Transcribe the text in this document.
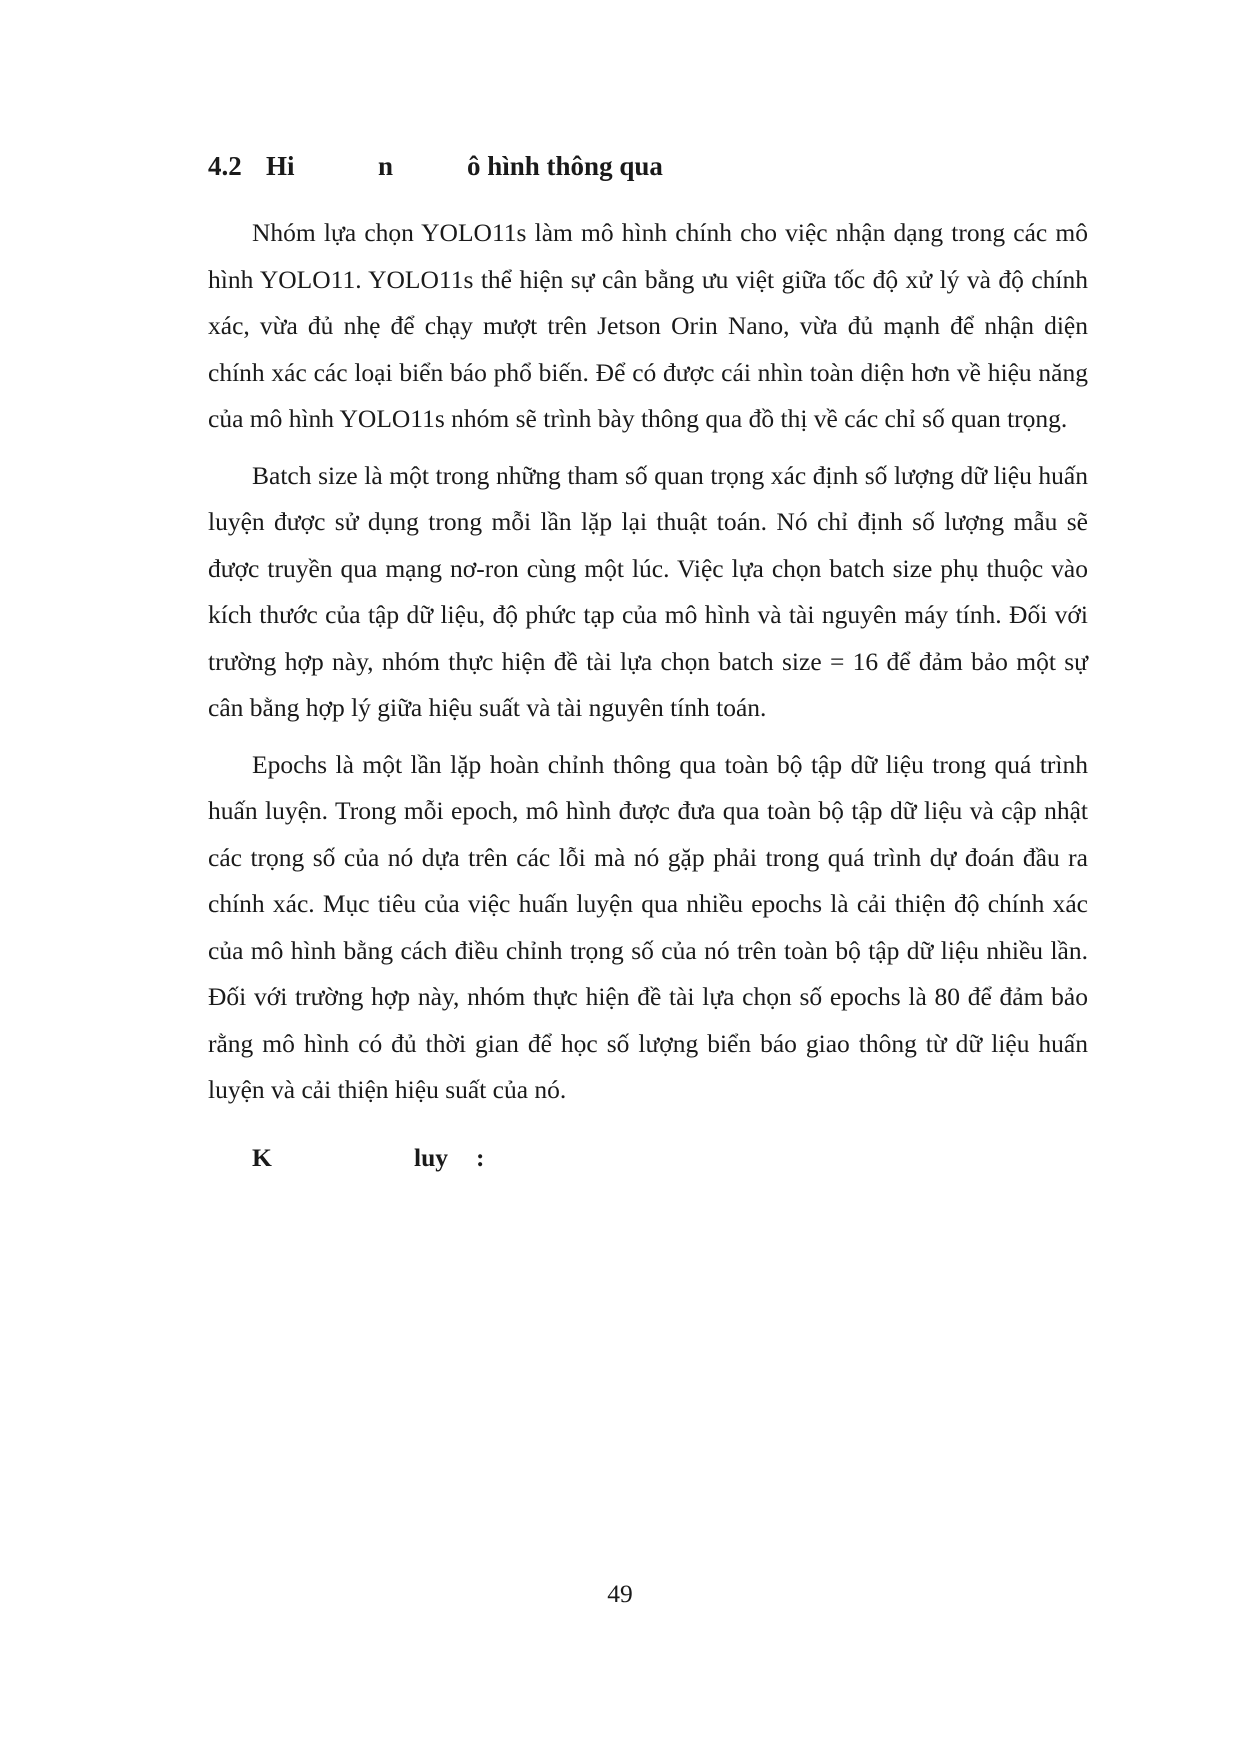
4.2 Hi	n	ô hình thông qua

Nhóm lựa chọn YOLO11s làm mô hình chính cho việc nhận dạng trong các mô hình YOLO11. YOLO11s thể hiện sự cân bằng ưu việt giữa tốc độ xử lý và độ chính xác, vừa đủ nhẹ để chạy mượt trên Jetson Orin Nano, vừa đủ mạnh để nhận diện chính xác các loại biển báo phổ biến. Để có được cái nhìn toàn diện hơn về hiệu năng của mô hình YOLO11s nhóm sẽ trình bày thông qua đồ thị về các chỉ số quan trọng.

Batch size là một trong những tham số quan trọng xác định số lượng dữ liệu huấn luyện được sử dụng trong mỗi lần lặp lại thuật toán. Nó chỉ định số lượng mẫu sẽ được truyền qua mạng nơ-ron cùng một lúc. Việc lựa chọn batch size phụ thuộc vào kích thước của tập dữ liệu, độ phức tạp của mô hình và tài nguyên máy tính. Đối với trường hợp này, nhóm thực hiện đề tài lựa chọn batch size = 16 để đảm bảo một sự cân bằng hợp lý giữa hiệu suất và tài nguyên tính toán.

Epochs là một lần lặp hoàn chỉnh thông qua toàn bộ tập dữ liệu trong quá trình huấn luyện. Trong mỗi epoch, mô hình được đưa qua toàn bộ tập dữ liệu và cập nhật các trọng số của nó dựa trên các lỗi mà nó gặp phải trong quá trình dự đoán đầu ra chính xác. Mục tiêu của việc huấn luyện qua nhiều epochs là cải thiện độ chính xác của mô hình bằng cách điều chỉnh trọng số của nó trên toàn bộ tập dữ liệu nhiều lần. Đối với trường hợp này, nhóm thực hiện đề tài lựa chọn số epochs là 80 để đảm bảo rằng mô hình có đủ thời gian để học số lượng biển báo giao thông từ dữ liệu huấn luyện và cải thiện hiệu suất của nó.

K	luy :
49
